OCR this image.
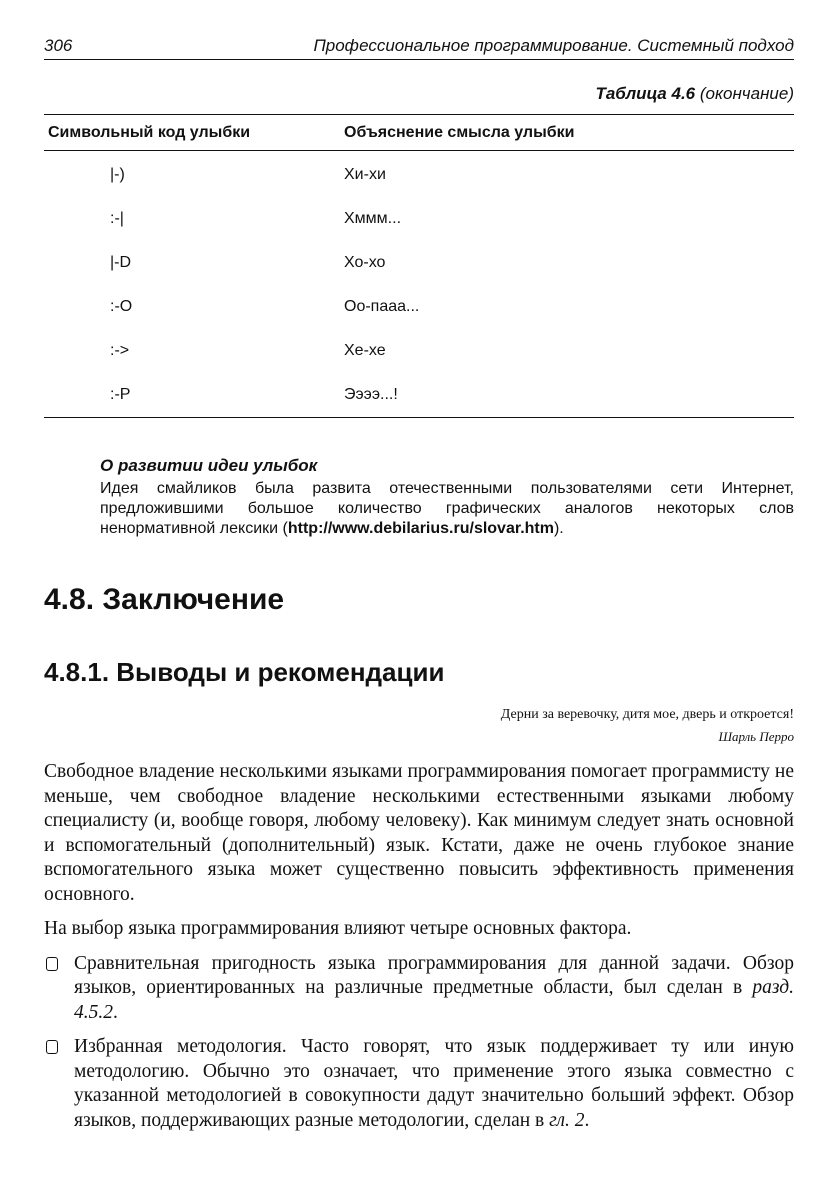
306	Профессиональное программирование. Системный подход
Таблица 4.6 (окончание)
Символьный код улыбки	Объяснение смысла улыбки
|-)	Хи-хи
:-|	Хммм...
|-D	Хо-хо
:-O	Оо-паaa...
:->	Хе-хе
:-P	Ээээ...!
О развитии идеи улыбок
Идея смайликов была развита отечественными пользователями сети Интернет, предложившими большое количество графических аналогов некоторых слов ненормативной лексики (http://www.debilarius.ru/slovar.htm).
4.8. Заключение
4.8.1. Выводы и рекомендации
Дерни за веревочку, дитя мое, дверь и откроется!
Шарль Перро

Свободное владение несколькими языками программирования помогает программисту не меньше, чем свободное владение несколькими естественными языками любому специалисту (и, вообще говоря, любому человеку). Как минимум следует знать основной и вспомогательный (дополнительный) язык. Кстати, даже не очень глубокое знание вспомогательного языка может существенно повысить эффективность применения основного.

На выбор языка программирования влияют четыре основных фактора.

Сравнительная пригодность языка программирования для данной задачи. Обзор языков, ориентированных на различные предметные области, был сделан в разд. 4.5.2.
Избранная методология. Часто говорят, что язык поддерживает ту или иную методологию. Обычно это означает, что применение этого языка совместно с указанной методологией в совокупности дадут значительно больший эффект. Обзор языков, поддерживающих разные методологии, сделан в гл. 2.
